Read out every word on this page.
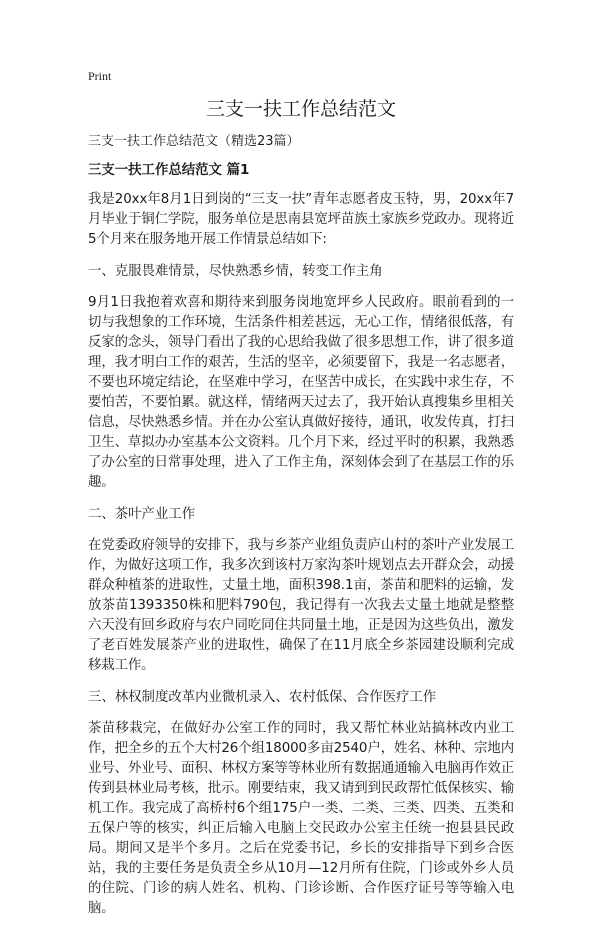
Print
三支一扶工作总结范文
三支一扶工作总结范文（精选23篇）
三支一扶工作总结范文 篇1
我是20xx年8月1日到岗的“三支一扶”青年志愿者皮玉特，男，20xx年7月毕业于铜仁学院，服务单位是思南县宽坪苗族土家族乡党政办。现将近5个月来在服务地开展工作情景总结如下:
一、克服畏难情景，尽快熟悉乡情，转变工作主角
9月1日我抱着欢喜和期待来到服务岗地宽坪乡人民政府。眼前看到的一切与我想象的工作环境，生活条件相差甚远，无心工作，情绪很低落，有反家的念头，领导门看出了我的心思给我做了很多思想工作，讲了很多道理，我才明白工作的艰苦，生活的坚辛，必须要留下，我是一名志愿者，不要也环境定结论，在坚难中学习，在坚苦中成长，在实践中求生存，不要怕苦，不要怕累。就这样，情绪两天过去了，我开始认真搜集乡里相关信息，尽快熟悉乡情。并在办公室认真做好接待，通讯，收发传真，打扫卫生、草拟办办室基本公文资料。几个月下来，经过平时的积累，我熟悉了办公室的日常事处理，进入了工作主角，深刻体会到了在基层工作的乐趣。
二、茶叶产业工作
在党委政府领导的安排下，我与乡茶产业组负责庐山村的茶叶产业发展工作，为做好这项工作，我多次到该村万家沟茶叶规划点去开群众会，动援群众种植茶的进取性，丈量土地，面积398.1亩，茶苗和肥料的运输，发放茶苗1393350株和肥料790包，我记得有一次我去丈量土地就是整整六天没有回乡政府与农户同吃同住共同量土地，正是因为这些负出，激发了老百姓发展茶产业的进取性，确保了在11月底全乡茶园建设顺利完成移栽工作。
三、林权制度改革内业微机录入、农村低保、合作医疗工作
茶苗移栽完，在做好办公室工作的同时，我又帮忙林业站搞林改内业工作，把全乡的五个大村26个组18000多亩2540户，姓名、林种、宗地内业号、外业号、面积、林权方案等等林业所有数据通通输入电脑再作效正传到县林业局考核，批示。刚要结束，我又请到到民政帮忙低保核实、输机工作。我完成了高桥村6个组175户一类、二类、三类、四类、五类和五保户等的核实，纠正后输入电脑上交民政办公室主任统一抱县县民政局。期间又是半个多月。之后在党委书记，乡长的安排指导下到乡合医站，我的主要任务是负责全乡从10月—12月所有住院，门诊或外乡人员的住院、门诊的病人姓名、机构、门诊诊断、合作医疗证号等等输入电脑。
